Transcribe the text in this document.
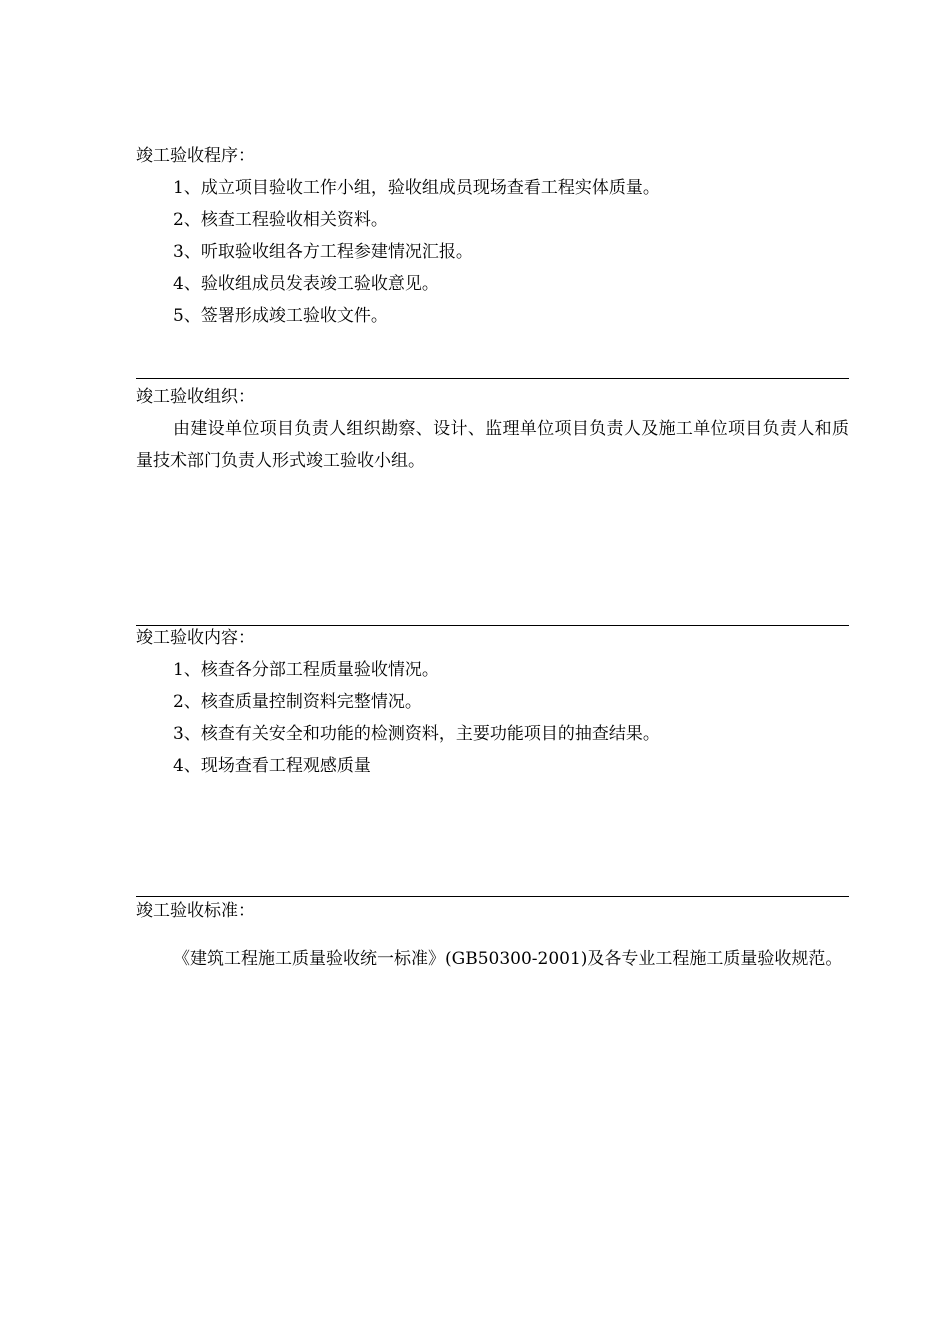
竣工验收程序：
1、成立项目验收工作小组，验收组成员现场查看工程实体质量。
2、核查工程验收相关资料。
3、听取验收组各方工程参建情况汇报。
4、验收组成员发表竣工验收意见。
5、签署形成竣工验收文件。
竣工验收组织：
由建设单位项目负责人组织勘察、设计、监理单位项目负责人及施工单位项目负责人和质量技术部门负责人形式竣工验收小组。
竣工验收内容：
1、核查各分部工程质量验收情况。
2、核查质量控制资料完整情况。
3、核查有关安全和功能的检测资料，主要功能项目的抽查结果。
4、现场查看工程观感质量
竣工验收标准：
《建筑工程施工质量验收统一标准》(GB50300-2001)及各专业工程施工质量验收规范。
